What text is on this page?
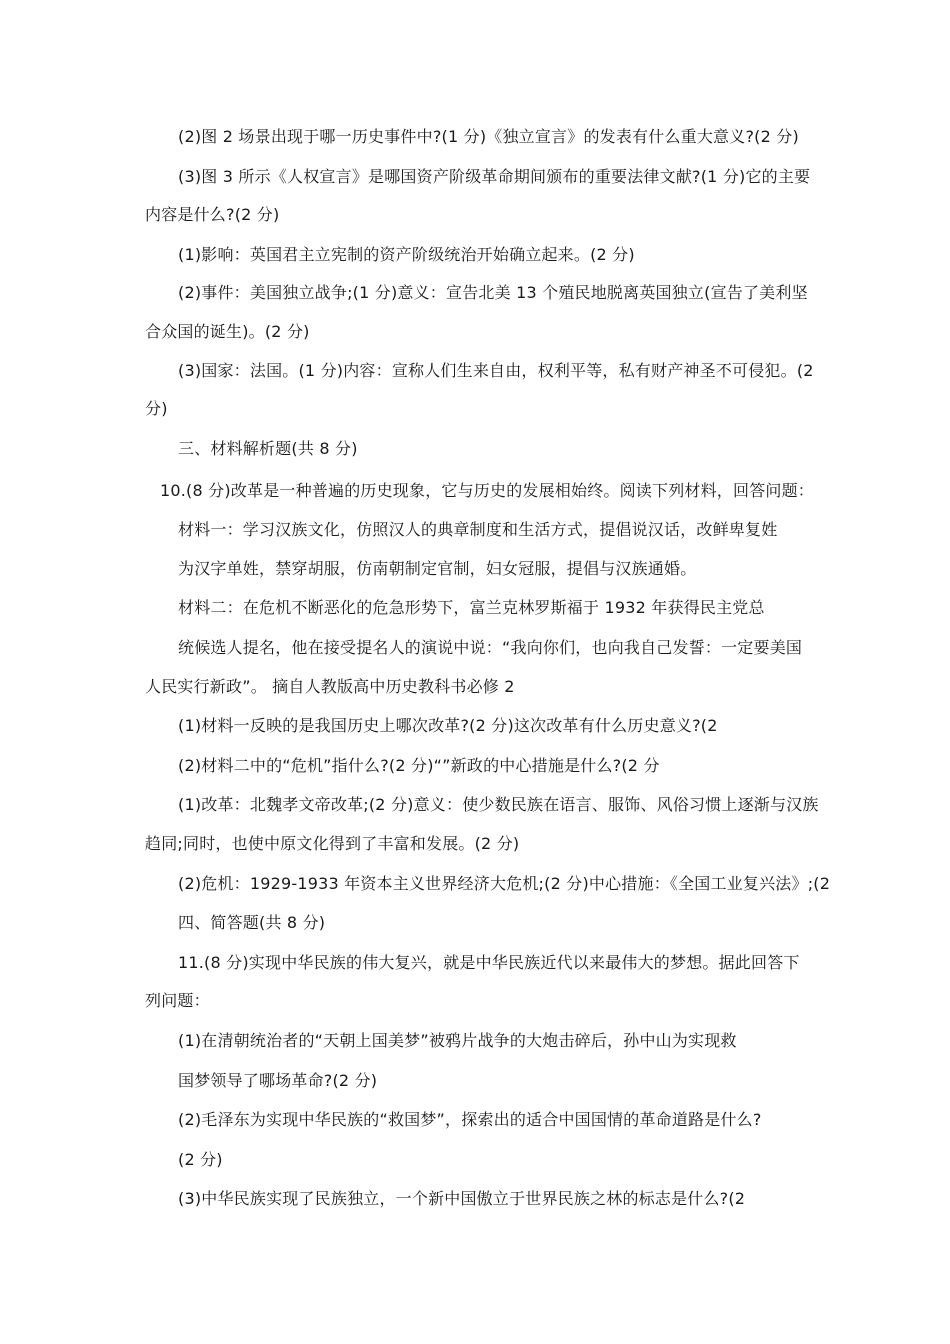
(2)图 2 场景出现于哪一历史事件中?(1 分)《独立宣言》的发表有什么重大意义?(2 分)
(3)图 3 所示《人权宣言》是哪国资产阶级革命期间颁布的重要法律文献?(1 分)它的主要
内容是什么?(2 分)
(1)影响：英国君主立宪制的资产阶级统治开始确立起来。(2 分)
(2)事件：美国独立战争;(1 分)意义：宣告北美 13 个殖民地脱离英国独立(宣告了美利坚
合众国的诞生)。(2 分)
(3)国家：法国。(1 分)内容：宣称人们生来自由，权利平等，私有财产神圣不可侵犯。(2
分)
三、材料解析题(共 8 分)
10.(8 分)改革是一种普遍的历史现象，它与历史的发展相始终。阅读下列材料，回答问题：
材料一：学习汉族文化，仿照汉人的典章制度和生活方式，提倡说汉话，改鲜卑复姓
为汉字单姓，禁穿胡服，仿南朝制定官制，妇女冠服，提倡与汉族通婚。
材料二：在危机不断恶化的危急形势下，富兰克林罗斯福于 1932 年获得民主党总
统候选人提名，他在接受提名人的演说中说：“我向你们，也向我自己发誓：一定要美国
人民实行新政”。 摘自人教版高中历史教科书必修 2
(1)材料一反映的是我国历史上哪次改革?(2 分)这次改革有什么历史意义?(2
(2)材料二中的“危机”指什么?(2 分)“”新政的中心措施是什么?(2 分
(1)改革：北魏孝文帝改革;(2 分)意义：使少数民族在语言、服饰、风俗习惯上逐渐与汉族
趋同;同时，也使中原文化得到了丰富和发展。(2 分)
(2)危机：1929-1933 年资本主义世界经济大危机;(2 分)中心措施：《全国工业复兴法》;(2
四、简答题(共 8 分)
11.(8 分)实现中华民族的伟大复兴，就是中华民族近代以来最伟大的梦想。据此回答下
列问题：
(1)在清朝统治者的“天朝上国美梦”被鸦片战争的大炮击碎后，孙中山为实现救
国梦领导了哪场革命?(2 分)
(2)毛泽东为实现中华民族的“救国梦”，探索出的适合中国国情的革命道路是什么?
(2 分)
(3)中华民族实现了民族独立，一个新中国傲立于世界民族之林的标志是什么?(2
